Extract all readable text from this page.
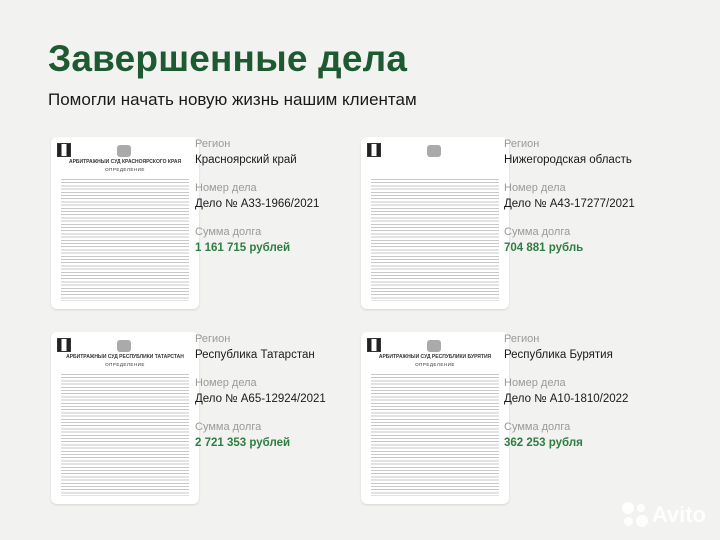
Завершенные дела
Помогли начать новую жизнь нашим клиентам
АРБИТРАЖНЫЙ СУД КРАСНОЯРСКОГО КРАЯ
ОПРЕДЕЛЕНИЕ
Регион
Красноярский край
Номер дела
Дело № А33-1966/2021
Сумма долга
1 161 715 рублей
Регион
Нижегородская область
Номер дела
Дело № А43-17277/2021
Сумма долга
704 881 рубль
АРБИТРАЖНЫЙ СУД РЕСПУБЛИКИ ТАТАРСТАН
ОПРЕДЕЛЕНИЕ
Регион
Республика Татарстан
Номер дела
Дело № А65-12924/2021
Сумма долга
2 721 353 рублей
АРБИТРАЖНЫЙ СУД РЕСПУБЛИКИ БУРЯТИЯ
ОПРЕДЕЛЕНИЕ
Регион
Республика Бурятия
Номер дела
Дело № А10-1810/2022
Сумма долга
362 253 рубля
Avito
